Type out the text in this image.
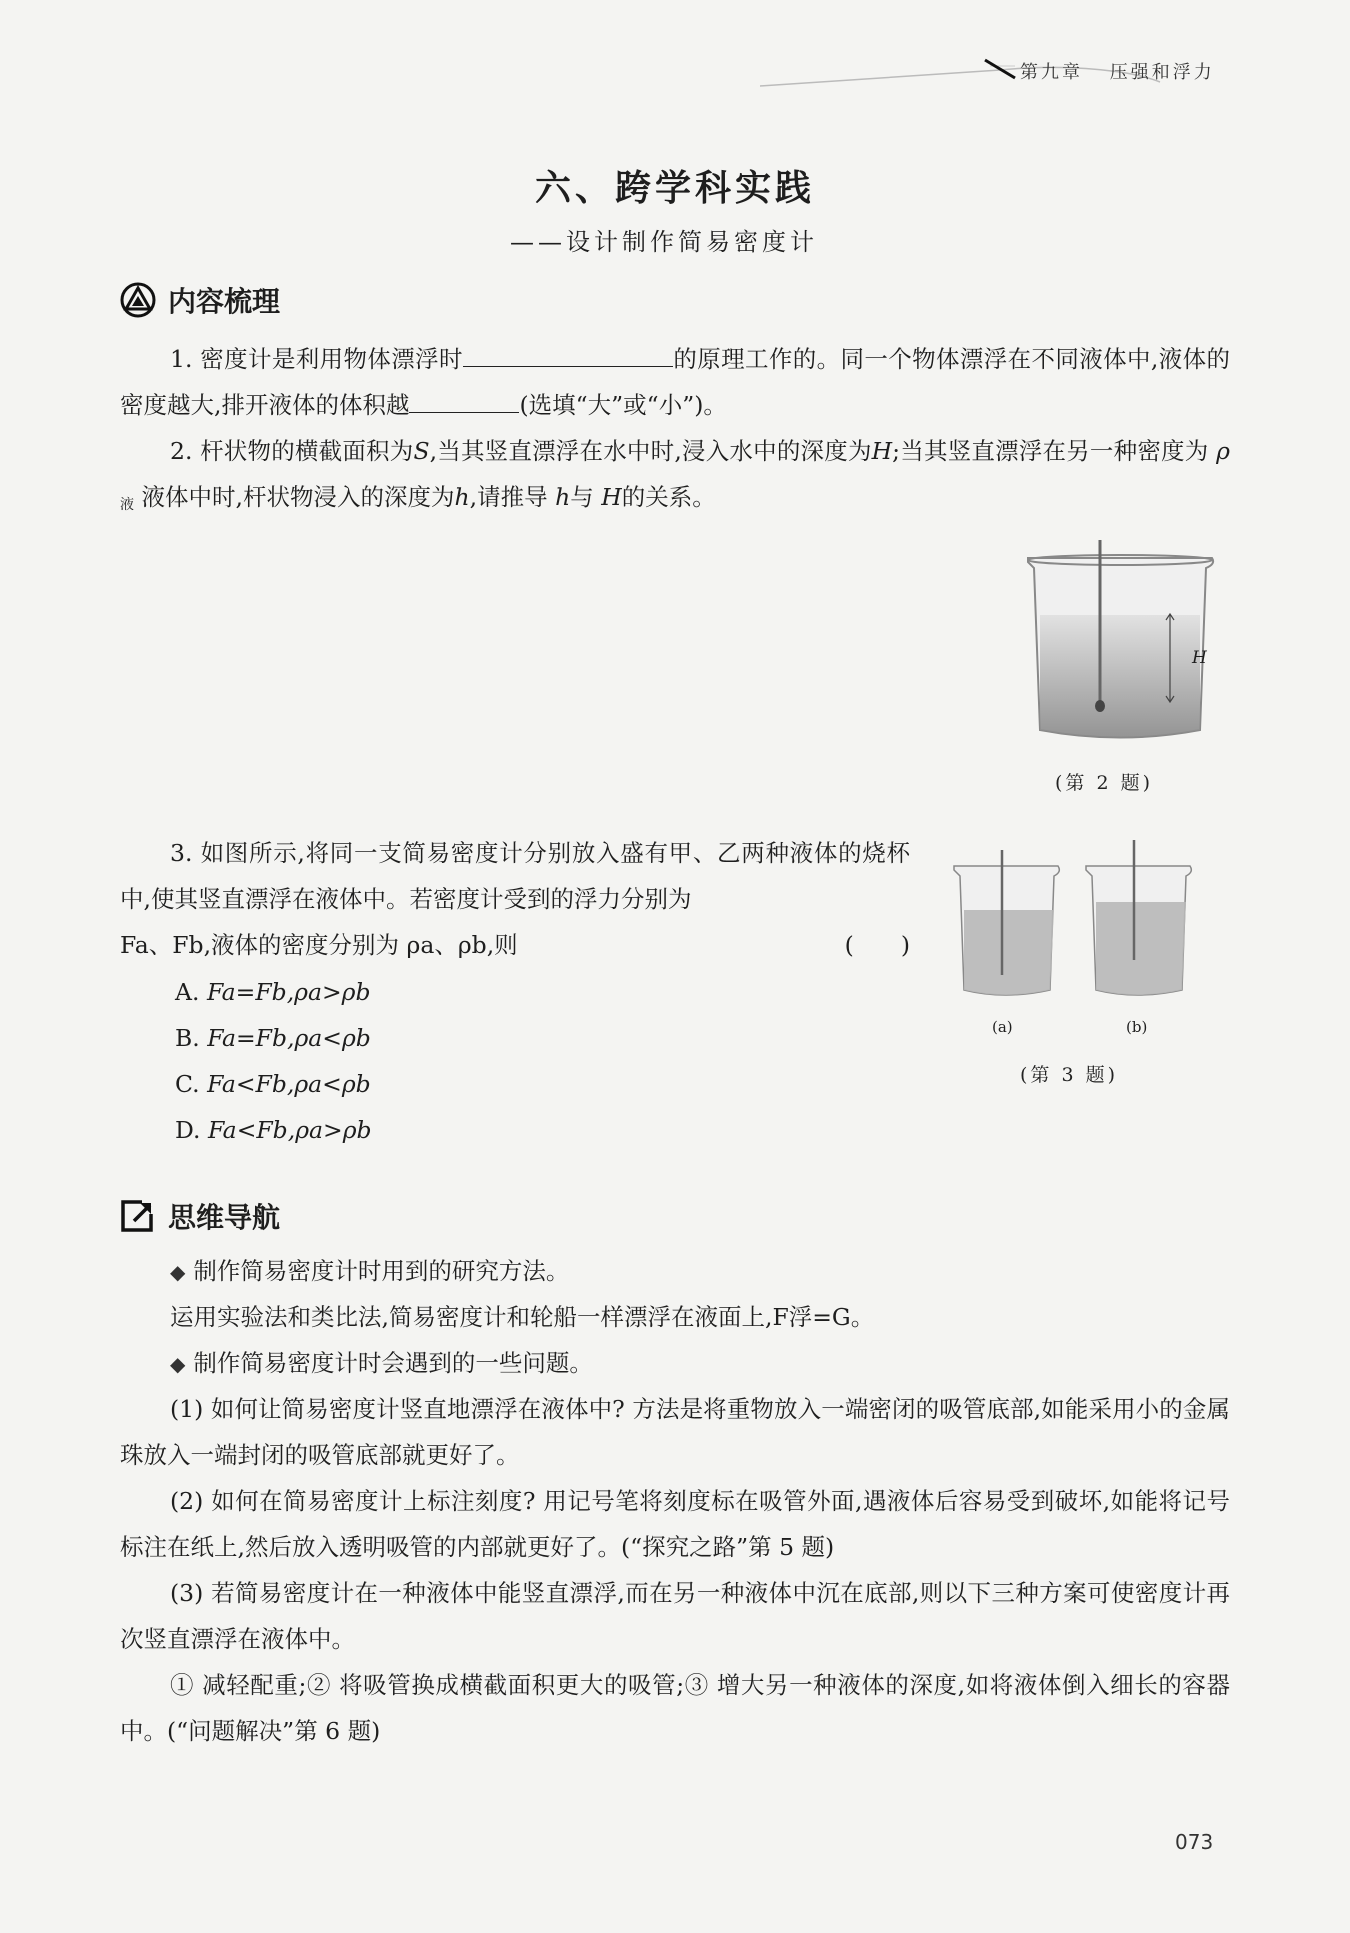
第九章 压强和浮力
六、跨学科实践
——设计制作简易密度计
内容梳理
1. 密度计是利用物体漂浮时	的原理工作的。同一个物体漂浮在不同液体中,液体的密度越大,排开液体的体积越	(选填“大”或“小”)。
2. 杆状物的横截面积为S,当其竖直漂浮在水中时,浸入水中的深度为H;当其竖直漂浮在另一种密度为 $\rho_液$ 液体中时,杆状物浸入的深度为h,请推导 h与 H的关系。
H
(第 2 题)
3. 如图所示,将同一支简易密度计分别放入盛有甲、乙两种液体的烧杯中,使其竖直漂浮在液体中。若密度计受到的浮力分别为
Fa、Fb,液体的密度分别为 ρa、ρb,则	(　　)
A. Fa=Fb,ρa>ρb
B. Fa=Fb,ρa<ρb
C. Fa<Fb,ρa<ρb
D. Fa<Fb,ρa>ρb
(a)	(b)
(第 3 题)
思维导航
◆ 制作简易密度计时用到的研究方法。
运用实验法和类比法,简易密度计和轮船一样漂浮在液面上,F浮=G。
◆ 制作简易密度计时会遇到的一些问题。
(1) 如何让简易密度计竖直地漂浮在液体中? 方法是将重物放入一端密闭的吸管底部,如能采用小的金属珠放入一端封闭的吸管底部就更好了。
(2) 如何在简易密度计上标注刻度? 用记号笔将刻度标在吸管外面,遇液体后容易受到破坏,如能将记号标注在纸上,然后放入透明吸管的内部就更好了。(“探究之路”第 5 题)
(3) 若简易密度计在一种液体中能竖直漂浮,而在另一种液体中沉在底部,则以下三种方案可使密度计再次竖直漂浮在液体中。
① 减轻配重;② 将吸管换成横截面积更大的吸管;③ 增大另一种液体的深度,如将液体倒入细长的容器中。(“问题解决”第 6 题)
073
